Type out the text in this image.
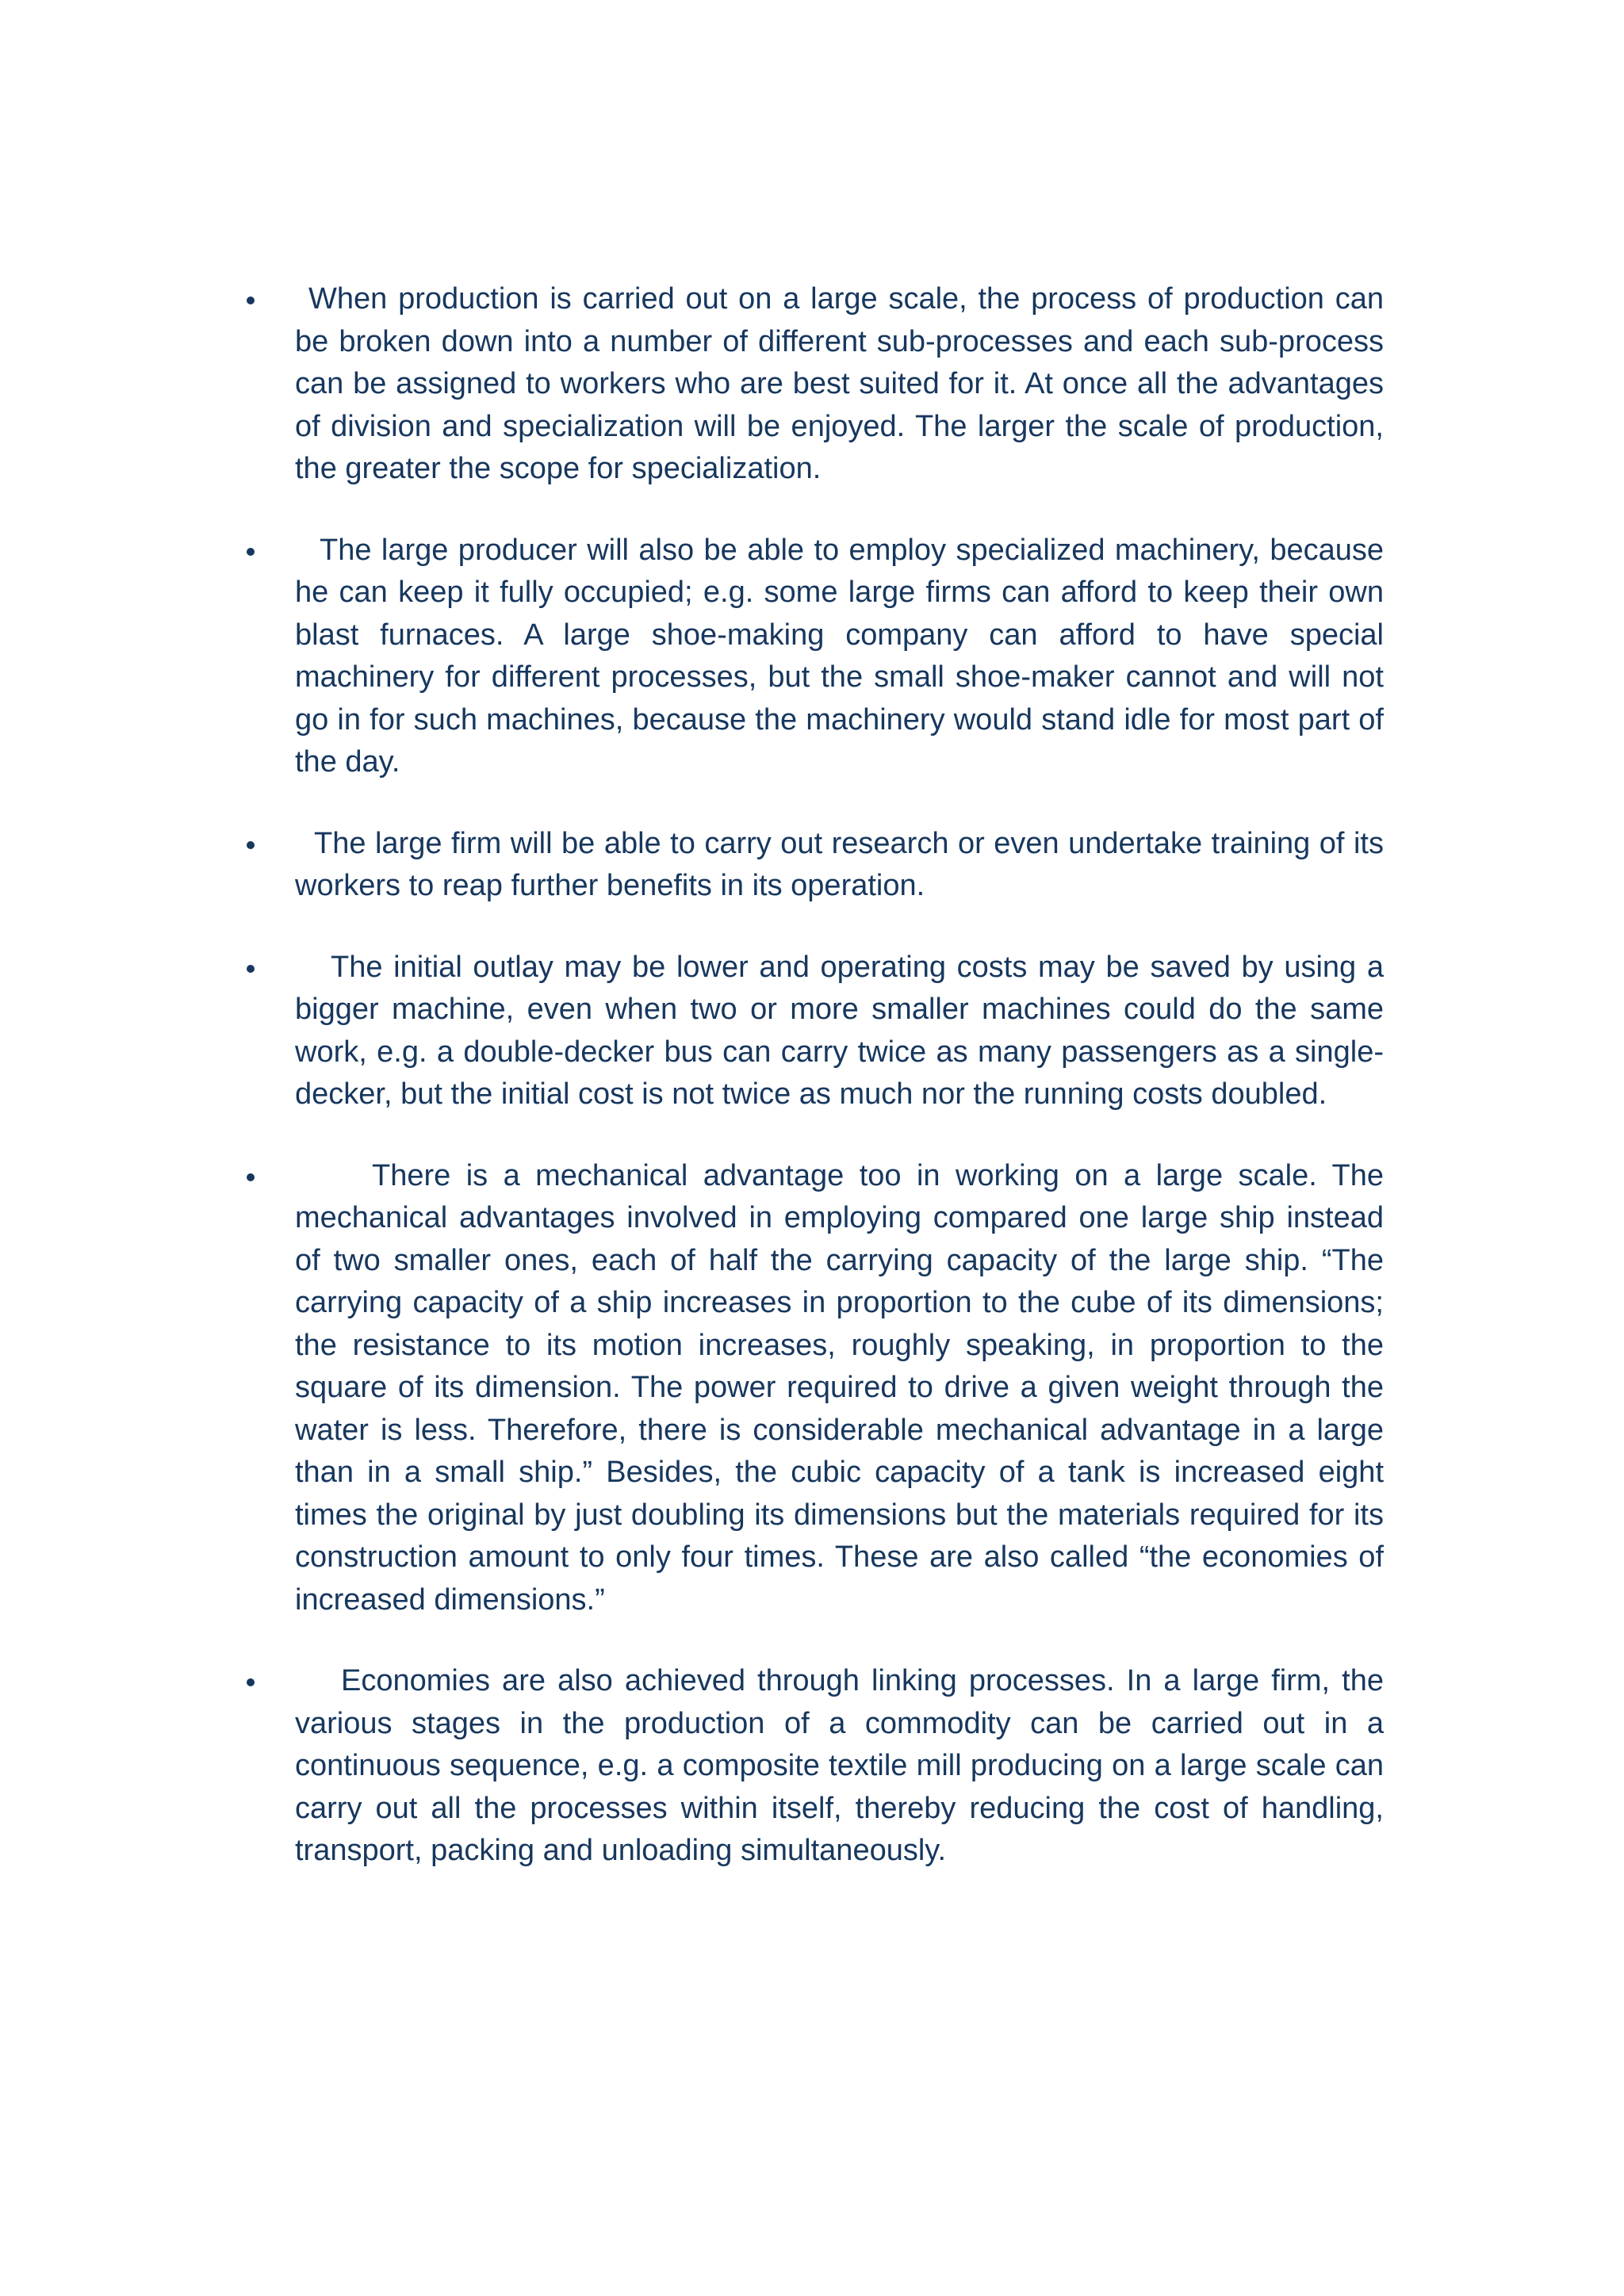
When production is carried out on a large scale, the process of production can be broken down into a number of different sub-processes and each sub-process can be assigned to workers who are best suited for it. At once all the advantages of division and specialization will be enjoyed. The larger the scale of production, the greater the scope for specialization.
The large producer will also be able to employ specialized machinery, because he can keep it fully occupied; e.g. some large firms can afford to keep their own blast furnaces. A large shoe-making company can afford to have special machinery for different processes, but the small shoe-maker cannot and will not go in for such machines, because the machinery would stand idle for most part of the day.
The large firm will be able to carry out research or even undertake training of its workers to reap further benefits in its operation.
The initial outlay may be lower and operating costs may be saved by using a bigger machine, even when two or more smaller machines could do the same work, e.g. a double-decker bus can carry twice as many passengers as a single-decker, but the initial cost is not twice as much nor the running costs doubled.
There is a mechanical advantage too in working on a large scale. The mechanical advantages involved in employing compared one large ship instead of two smaller ones, each of half the carrying capacity of the large ship. “The carrying capacity of a ship increases in proportion to the cube of its dimensions; the resistance to its motion increases, roughly speaking, in proportion to the square of its dimension. The power required to drive a given weight through the water is less. Therefore, there is considerable mechanical advantage in a large than in a small ship.” Besides, the cubic capacity of a tank is increased eight times the original by just doubling its dimensions but the materials required for its construction amount to only four times. These are also called “the economies of increased dimensions.”
Economies are also achieved through linking processes. In a large firm, the various stages in the production of a commodity can be carried out in a continuous sequence, e.g. a composite textile mill producing on a large scale can carry out all the processes within itself, thereby reducing the cost of handling, transport, packing and unloading simultaneously.
